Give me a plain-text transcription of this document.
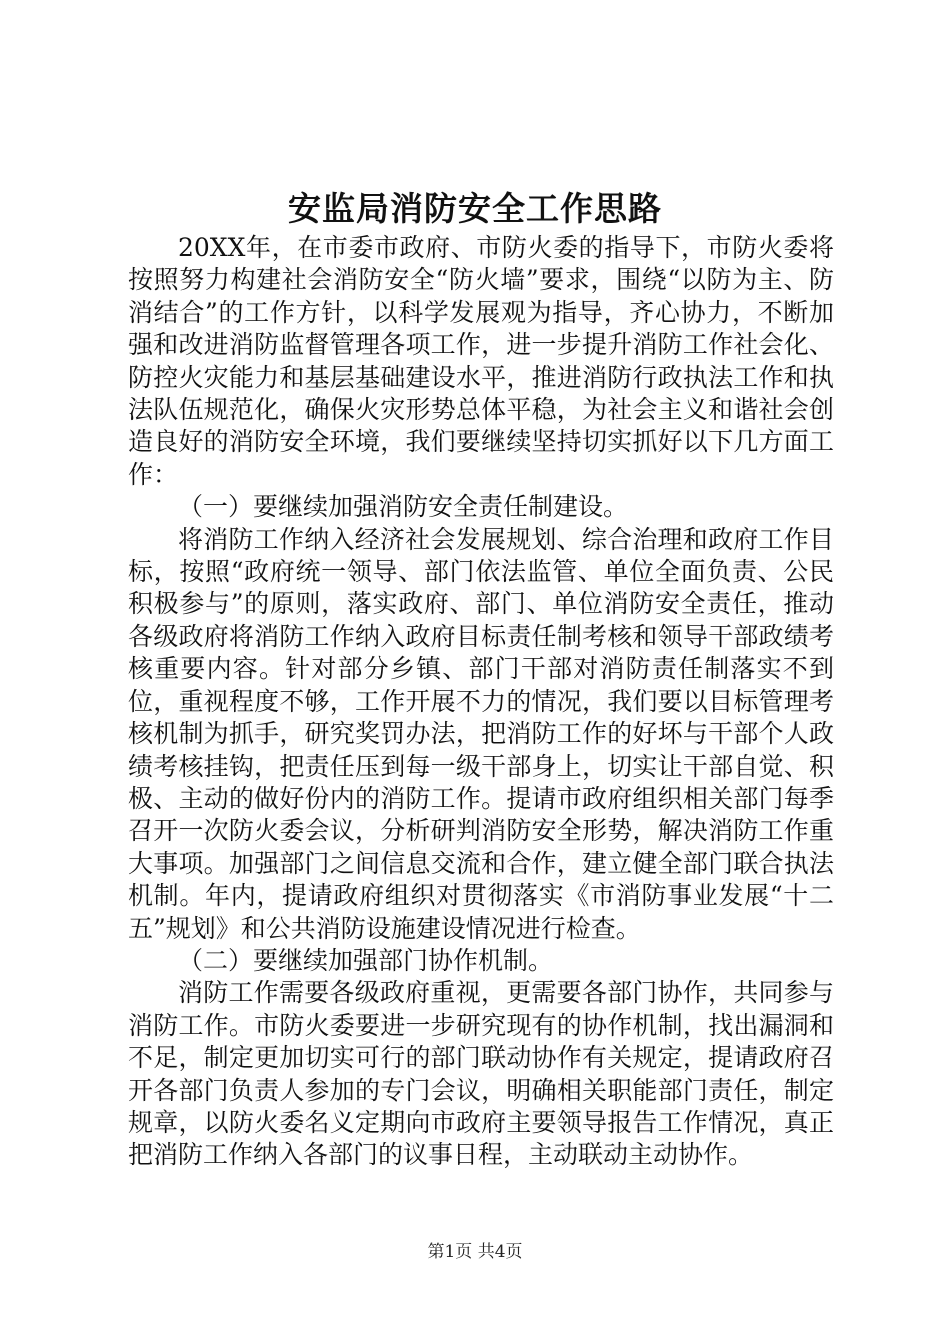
安监局消防安全工作思路

20XX年，在市委市政府、市防火委的指导下，市防火委将按照努力构建社会消防安全“防火墙”要求，围绕“以防为主、防消结合”的工作方针，以科学发展观为指导，齐心协力，不断加强和改进消防监督管理各项工作，进一步提升消防工作社会化、防控火灾能力和基层基础建设水平，推进消防行政执法工作和执法队伍规范化，确保火灾形势总体平稳，为社会主义和谐社会创造良好的消防安全环境，我们要继续坚持切实抓好以下几方面工作：

（一）要继续加强消防安全责任制建设。

将消防工作纳入经济社会发展规划、综合治理和政府工作目标，按照“政府统一领导、部门依法监管、单位全面负责、公民积极参与”的原则，落实政府、部门、单位消防安全责任，推动各级政府将消防工作纳入政府目标责任制考核和领导干部政绩考核重要内容。针对部分乡镇、部门干部对消防责任制落实不到位，重视程度不够，工作开展不力的情况，我们要以目标管理考核机制为抓手，研究奖罚办法，把消防工作的好坏与干部个人政绩考核挂钩，把责任压到每一级干部身上，切实让干部自觉、积极、主动的做好份内的消防工作。提请市政府组织相关部门每季召开一次防火委会议，分析研判消防安全形势，解决消防工作重大事项。加强部门之间信息交流和合作，建立健全部门联合执法机制。年内，提请政府组织对贯彻落实《市消防事业发展“十二五”规划》和公共消防设施建设情况进行检查。

（二）要继续加强部门协作机制。

消防工作需要各级政府重视，更需要各部门协作，共同参与消防工作。市防火委要进一步研究现有的协作机制，找出漏洞和不足，制定更加切实可行的部门联动协作有关规定，提请政府召开各部门负责人参加的专门会议，明确相关职能部门责任，制定规章，以防火委名义定期向市政府主要领导报告工作情况，真正把消防工作纳入各部门的议事日程，主动联动主动协作。

第1页 共4页
